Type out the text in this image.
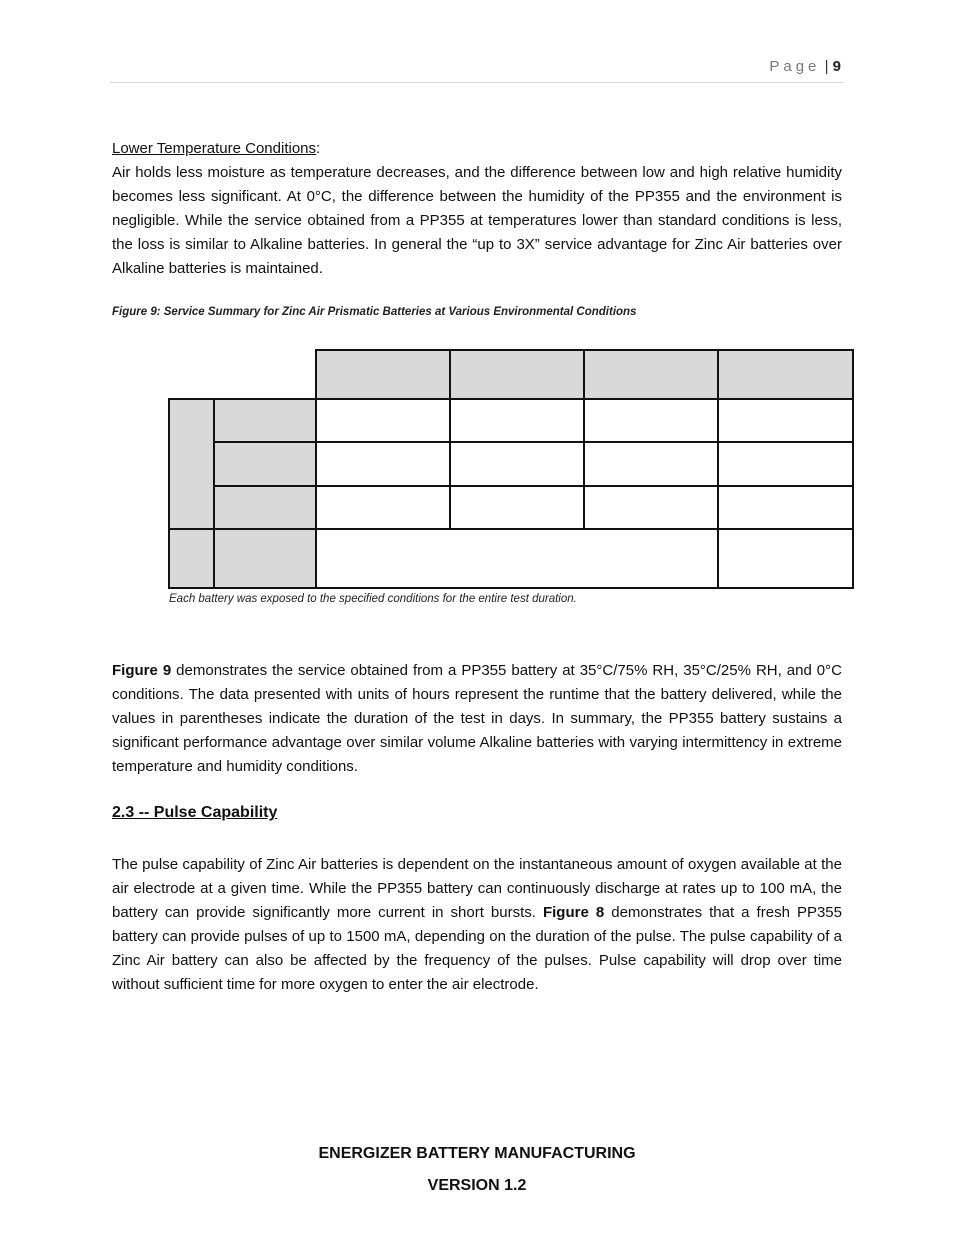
Page | 9

Lower Temperature Conditions:

Air holds less moisture as temperature decreases, and the difference between low and high relative humidity becomes less significant. At 0°C, the difference between the humidity of the PP355 and the environment is negligible. While the service obtained from a PP355 at temperatures lower than standard conditions is less, the loss is similar to Alkaline batteries. In general the “up to 3X” service advantage for Zinc Air batteries over Alkaline batteries is maintained.

Figure 9: Service Summary for Zinc Air Prismatic Batteries at Various Environmental Conditions
Each battery was exposed to the specified conditions for the entire test duration.

Figure 9 demonstrates the service obtained from a PP355 battery at 35°C/75% RH, 35°C/25% RH, and 0°C conditions. The data presented with units of hours represent the runtime that the battery delivered, while the values in parentheses indicate the duration of the test in days. In summary, the PP355 battery sustains a significant performance advantage over similar volume Alkaline batteries with varying intermittency in extreme temperature and humidity conditions.

2.3 -- Pulse Capability

The pulse capability of Zinc Air batteries is dependent on the instantaneous amount of oxygen available at the air electrode at a given time. While the PP355 battery can continuously discharge at rates up to 100 mA, the battery can provide significantly more current in short bursts. Figure 8 demonstrates that a fresh PP355 battery can provide pulses of up to 1500 mA, depending on the duration of the pulse. The pulse capability of a Zinc Air battery can also be affected by the frequency of the pulses. Pulse capability will drop over time without sufficient time for more oxygen to enter the air electrode.

ENERGIZER BATTERY MANUFACTURING
VERSION 1.2
